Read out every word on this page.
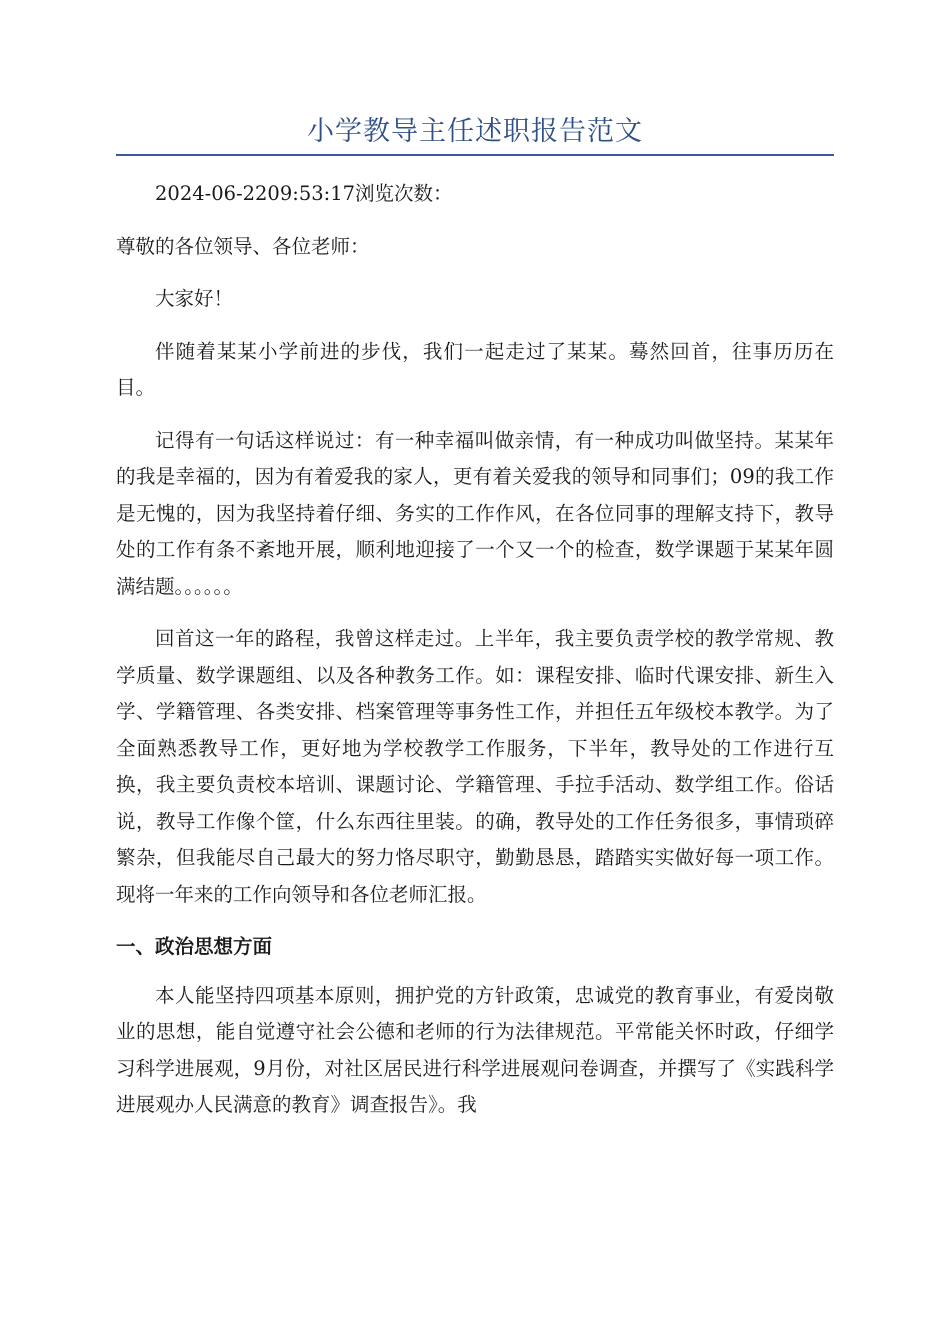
小学教导主任述职报告范文

2024-06-2209:53:17浏览次数：

尊敬的各位领导、各位老师：

大家好！

伴随着某某小学前进的步伐，我们一起走过了某某。蓦然回首，往事历历在目。

记得有一句话这样说过：有一种幸福叫做亲情，有一种成功叫做坚持。某某年的我是幸福的，因为有着爱我的家人，更有着关爱我的领导和同事们；09的我工作是无愧的，因为我坚持着仔细、务实的工作作风，在各位同事的理解支持下，教导处的工作有条不紊地开展，顺利地迎接了一个又一个的检查，数学课题于某某年圆满结题。。。。。。

回首这一年的路程，我曾这样走过。上半年，我主要负责学校的教学常规、教学质量、数学课题组、以及各种教务工作。如：课程安排、临时代课安排、新生入学、学籍管理、各类安排、档案管理等事务性工作，并担任五年级校本教学。为了全面熟悉教导工作，更好地为学校教学工作服务，下半年，教导处的工作进行互换，我主要负责校本培训、课题讨论、学籍管理、手拉手活动、数学组工作。俗话说，教导工作像个筐，什么东西往里装。的确，教导处的工作任务很多，事情琐碎繁杂，但我能尽自己最大的努力恪尽职守，勤勤恳恳，踏踏实实做好每一项工作。现将一年来的工作向领导和各位老师汇报。

一、政治思想方面

本人能坚持四项基本原则，拥护党的方针政策，忠诚党的教育事业，有爱岗敬业的思想，能自觉遵守社会公德和老师的行为法律规范。平常能关怀时政，仔细学习科学进展观，9月份，对社区居民进行科学进展观问卷调查，并撰写了《实践科学进展观办人民满意的教育》调查报告》。我
